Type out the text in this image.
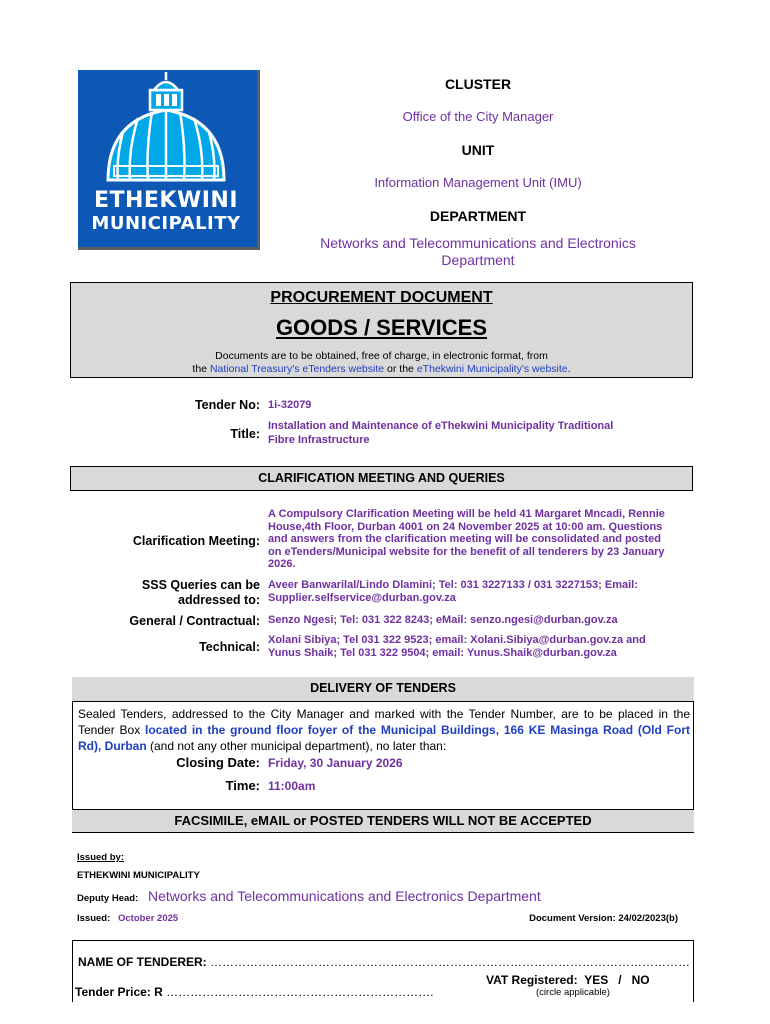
ETHEKWINI
MUNICIPALITY
CLUSTER
Office of the City Manager
UNIT
Information Management Unit (IMU)
DEPARTMENT
Networks and Telecommunications and Electronics
Department
PROCUREMENT DOCUMENT
GOODS / SERVICES
Documents are to be obtained, free of charge, in electronic format, from
the National Treasury's eTenders website or the eThekwini Municipality's website.
Tender No: 1i-32079
Title:
Installation and Maintenance of eThekwini Municipality Traditional
Fibre Infrastructure
CLARIFICATION MEETING AND QUERIES
Clarification Meeting:
A Compulsory Clarification Meeting will be held 41 Margaret Mncadi, Rennie
House,4th Floor, Durban 4001 on 24 November 2025 at 10:00 am. Questions
and answers from the clarification meeting will be consolidated and posted
on eTenders/Municipal website for the benefit of all tenderers by 23 January
2026.
SSS Queries can be
addressed to:
Aveer Banwarilal/Lindo Dlamini; Tel: 031 3227133 / 031 3227153; Email:
Supplier.selfservice@durban.gov.za
General / Contractual: Senzo Ngesi; Tel: 031 322 8243; eMail: senzo.ngesi@durban.gov.za
Technical: Xolani Sibiya; Tel 031 322 9523; email: Xolani.Sibiya@durban.gov.za and
Yunus Shaik; Tel 031 322 9504; email: Yunus.Shaik@durban.gov.za
DELIVERY OF TENDERS
Sealed Tenders, addressed to the City Manager and marked with the Tender Number, are to be placed in the Tender Box located in the ground floor foyer of the Municipal Buildings, 166 KE Masinga Road (Old Fort Rd), Durban (and not any other municipal department), no later than:
Closing Date: Friday, 30 January 2026
Time: 11:00am
FACSIMILE, eMAIL or POSTED TENDERS WILL NOT BE ACCEPTED
Issued by:
ETHEKWINI MUNICIPALITY
Deputy Head: Networks and Telecommunications and Electronics Department
Issued: October 2025	Document Version: 24/02/2023(b)
NAME OF TENDERER: …………………………………………………………………………………………………………
Tender Price: R ………………………………………………………….
VAT Registered: YES / NO
(circle applicable)
